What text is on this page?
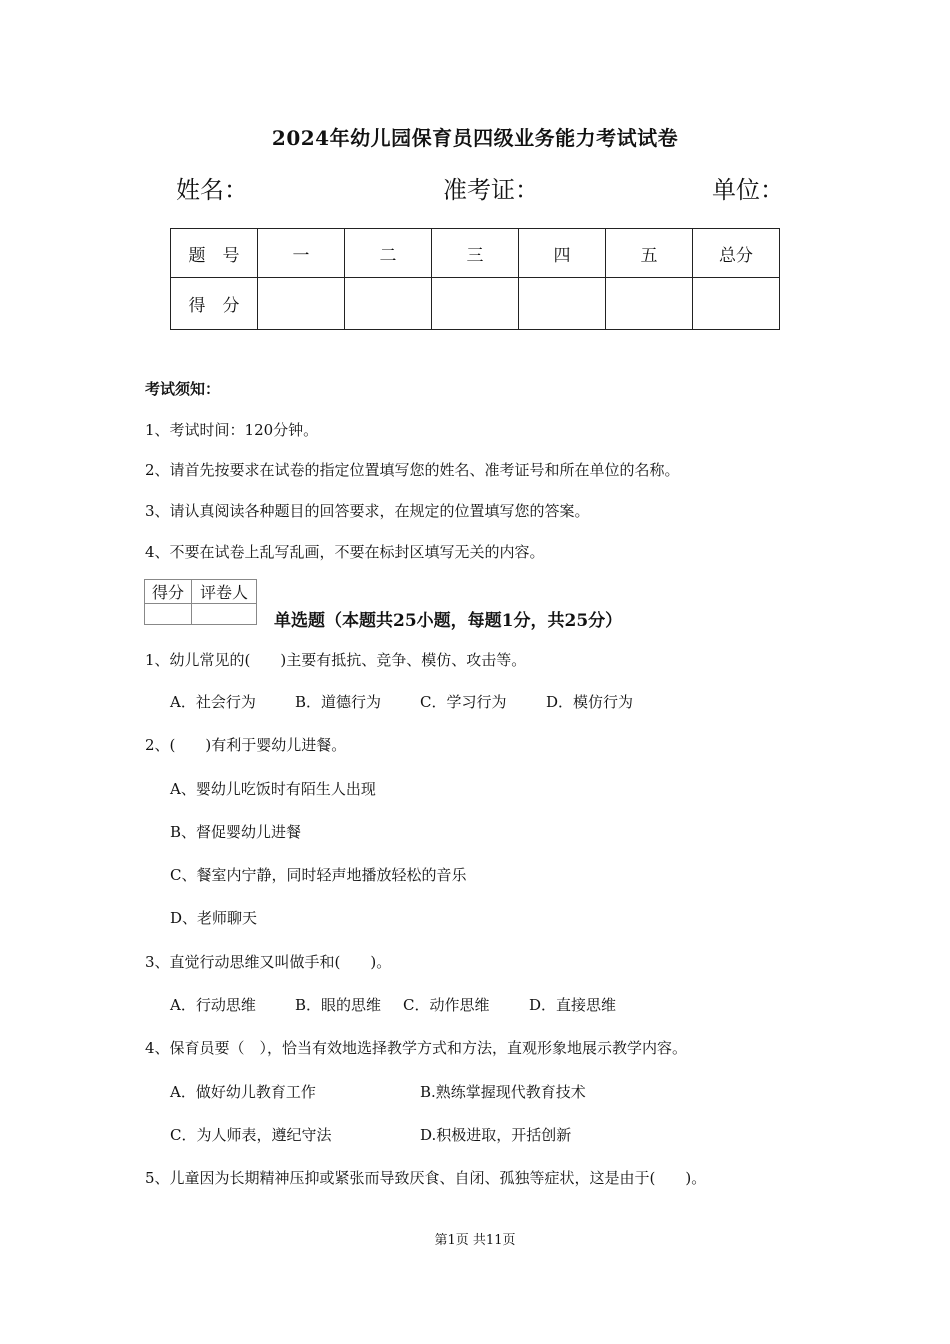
2024年幼儿园保育员四级业务能力考试试卷
姓名：	准考证：	单位：
题　号	一	二	三	四	五	总分
得　分						
考试须知：
1、考试时间：120分钟。
2、请首先按要求在试卷的指定位置填写您的姓名、准考证号和所在单位的名称。
3、请认真阅读各种题目的回答要求，在规定的位置填写您的答案。
4、不要在试卷上乱写乱画，不要在标封区填写无关的内容。
得分	评卷人

单选题（本题共25小题，每题1分，共25分）
1、幼儿常见的(　　)主要有抵抗、竞争、模仿、攻击等。
A．社会行为	B．道德行为	C．学习行为	D．模仿行为
2、(　　)有利于婴幼儿进餐。
A、婴幼儿吃饭时有陌生人出现
B、督促婴幼儿进餐
C、餐室内宁静，同时轻声地播放轻松的音乐
D、老师聊天
3、直觉行动思维又叫做手和(　　)。
A．行动思维	B．眼的思维 C．动作思维	D．直接思维
4、保育员要（　），恰当有效地选择教学方式和方法，直观形象地展示教学内容。
A．做好幼儿教育工作	B.熟练掌握现代教育技术
C．为人师表，遵纪守法	D.积极进取，开括创新
5、儿童因为长期精神压抑或紧张而导致厌食、自闭、孤独等症状，这是由于(　　)。
第1页 共11页
